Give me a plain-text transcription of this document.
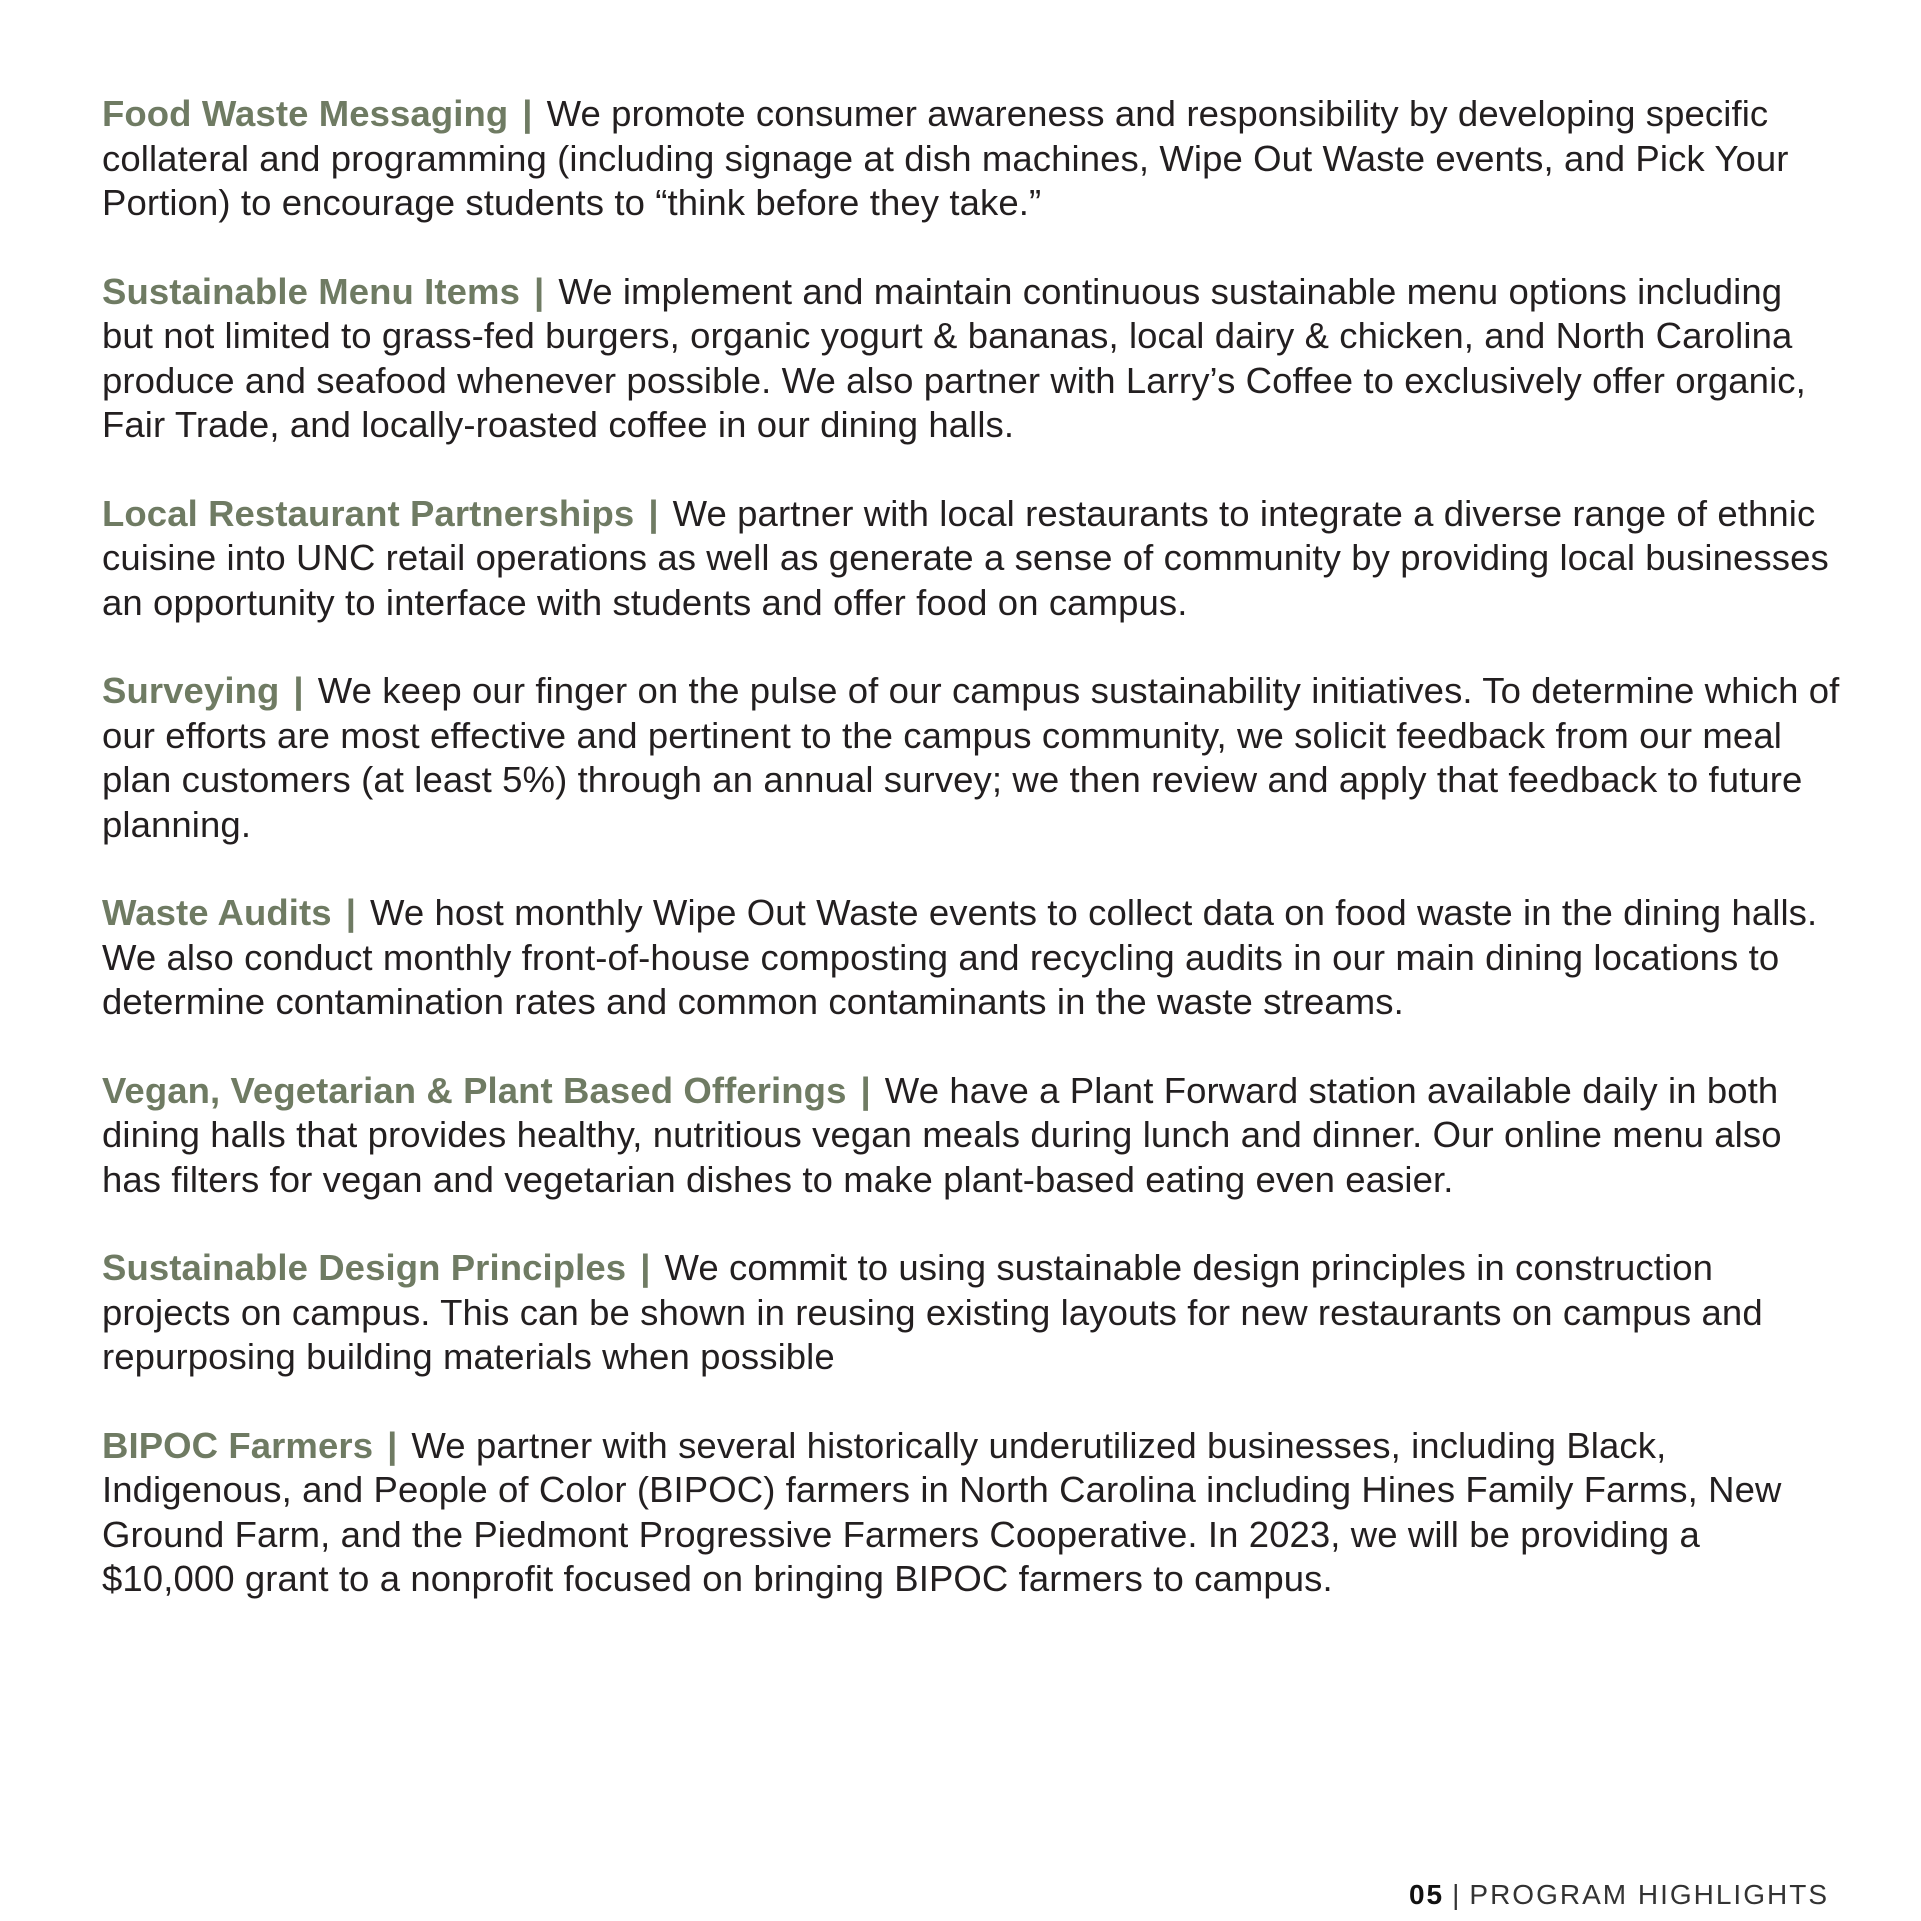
Food Waste Messaging | We promote consumer awareness and responsibility by developing specific collateral and programming (including signage at dish machines, Wipe Out Waste events, and Pick Your Portion) to encourage students to “think before they take.”

Sustainable Menu Items | We implement and maintain continuous sustainable menu options including but not limited to grass-fed burgers, organic yogurt & bananas, local dairy & chicken, and North Carolina produce and seafood whenever possible. We also partner with Larry’s Coffee to exclusively offer organic, Fair Trade, and locally-roasted coffee in our dining halls.

Local Restaurant Partnerships | We partner with local restaurants to integrate a diverse range of ethnic cuisine into UNC retail operations as well as generate a sense of community by providing local businesses an opportunity to interface with students and offer food on campus.

Surveying | We keep our finger on the pulse of our campus sustainability initiatives. To determine which of our efforts are most effective and pertinent to the campus community, we solicit feedback from our meal plan customers (at least 5%) through an annual survey; we then review and apply that feedback to future planning.

Waste Audits | We host monthly Wipe Out Waste events to collect data on food waste in the dining halls. We also conduct monthly front-of-house composting and recycling audits in our main dining locations to determine contamination rates and common contaminants in the waste streams.

Vegan, Vegetarian & Plant Based Offerings | We have a Plant Forward station available daily in both dining halls that provides healthy, nutritious vegan meals during lunch and dinner. Our online menu also has filters for vegan and vegetarian dishes to make plant-based eating even easier.

Sustainable Design Principles | We commit to using sustainable design principles in construction projects on campus. This can be shown in reusing existing layouts for new restaurants on campus and repurposing building materials when possible

BIPOC Farmers | We partner with several historically underutilized businesses, including Black, Indigenous, and People of Color (BIPOC) farmers in North Carolina including Hines Family Farms, New Ground Farm, and the Piedmont Progressive Farmers Cooperative. In 2023, we will be providing a $10,000 grant to a nonprofit focused on bringing BIPOC farmers to campus.

05 | PROGRAM HIGHLIGHTS
